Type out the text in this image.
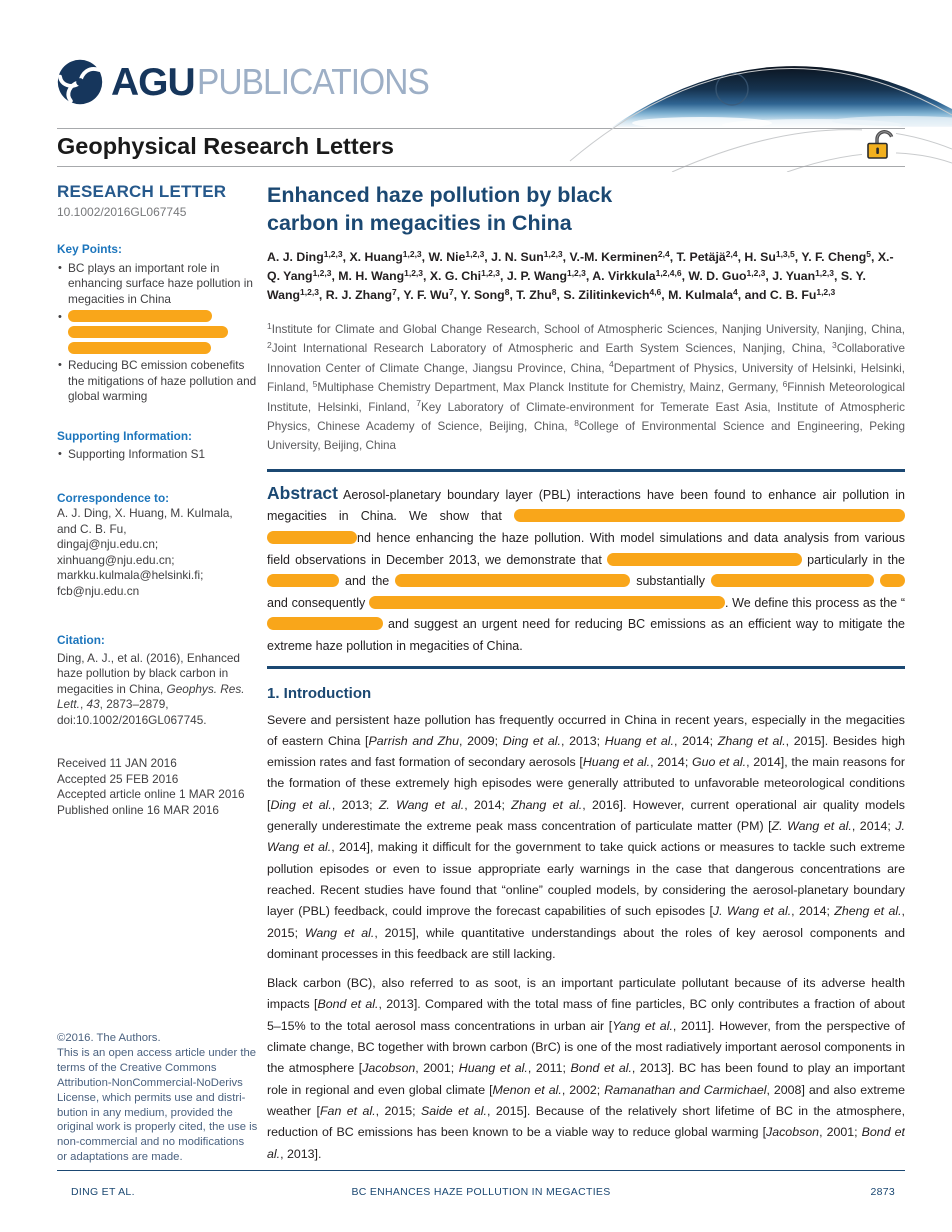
AGU PUBLICATIONS
Geophysical Research Letters
RESEARCH LETTER
10.1002/2016GL067745
Key Points:
• BC plays an important role in enhancing surface haze pollution in megacities in China
•
• Reducing BC emission cobenefits the mitigations of haze pollution and global warming
Supporting Information:
• Supporting Information S1
Correspondence to:
A. J. Ding, X. Huang, M. Kulmala,
and C. B. Fu,
dingaj@nju.edu.cn;
xinhuang@nju.edu.cn;
markku.kulmala@helsinki.fi;
fcb@nju.edu.cn
Citation:
Ding, A. J., et al. (2016), Enhanced haze pollution by black carbon in megacities in China, Geophys. Res. Lett., 43, 2873–2879, doi:10.1002/2016GL067745.
Received 11 JAN 2016
Accepted 25 FEB 2016
Accepted article online 1 MAR 2016
Published online 16 MAR 2016
©2016. The Authors.
This is an open access article under the
terms of the Creative Commons
Attribution-NonCommercial-NoDerivs
License, which permits use and distri-
bution in any medium, provided the
original work is properly cited, the use is
non-commercial and no modifications
or adaptations are made.
Enhanced haze pollution by black
carbon in megacities in China
A. J. Ding$^{1,2,3}$, X. Huang$^{1,2,3}$, W. Nie$^{1,2,3}$, J. N. Sun$^{1,2,3}$, V.-M. Kerminen$^{2,4}$, T. Petäjä$^{2,4}$, H. Su$^{1,3,5}$, Y. F. Cheng$^5$, X.-Q. Yang$^{1,2,3}$, M. H. Wang$^{1,2,3}$, X. G. Chi$^{1,2,3}$, J. P. Wang$^{1,2,3}$, A. Virkkula$^{1,2,4,6}$, W. D. Guo$^{1,2,3}$, J. Yuan$^{1,2,3}$, S. Y. Wang$^{1,2,3}$, R. J. Zhang$^7$, Y. F. Wu$^7$, Y. Song$^8$, T. Zhu$^8$, S. Zilitinkevich$^{4,6}$, M. Kulmala$^4$, and C. B. Fu$^{1,2,3}$
$^1$Institute for Climate and Global Change Research, School of Atmospheric Sciences, Nanjing University, Nanjing, China, $^2$Joint International Research Laboratory of Atmospheric and Earth System Sciences, Nanjing, China, $^3$Collaborative Innovation Center of Climate Change, Jiangsu Province, China, $^4$Department of Physics, University of Helsinki, Helsinki, Finland, $^5$Multiphase Chemistry Department, Max Planck Institute for Chemistry, Mainz, Germany, $^6$Finnish Meteorological Institute, Helsinki, Finland, $^7$Key Laboratory of Climate-environment for Temerate East Asia, Institute of Atmospheric Physics, Chinese Academy of Science, Beijing, China, $^8$College of Environmental Science and Engineering, Peking University, Beijing, China
Abstract Aerosol-planetary boundary layer (PBL) interactions have been found to enhance air pollution in megacities in China. We show that  nd hence enhancing the haze pollution. With model simulations and data analysis from various field observations in December 2013, we demonstrate that	particularly in the  and the	substantially   and consequently	. We define this process as the “ and suggest an urgent need for reducing BC emissions as an efficient way to mitigate the extreme haze pollution in megacities of China.
1. Introduction
Severe and persistent haze pollution has frequently occurred in China in recent years, especially in the megacities of eastern China [Parrish and Zhu, 2009; Ding et al., 2013; Huang et al., 2014; Zhang et al., 2015]. Besides high emission rates and fast formation of secondary aerosols [Huang et al., 2014; Guo et al., 2014], the main reasons for the formation of these extremely high episodes were generally attributed to unfavorable meteorological conditions [Ding et al., 2013; Z. Wang et al., 2014; Zhang et al., 2016]. However, current operational air quality models generally underestimate the extreme peak mass concentration of particulate matter (PM) [Z. Wang et al., 2014; J. Wang et al., 2014], making it difficult for the government to take quick actions or measures to tackle such extreme pollution episodes or even to issue appropriate early warnings in the case that dangerous concentrations are reached. Recent studies have found that “online” coupled models, by considering the aerosol-planetary boundary layer (PBL) feedback, could improve the forecast capabilities of such episodes [J. Wang et al., 2014; Zheng et al., 2015; Wang et al., 2015], while quantitative understandings about the roles of key aerosol components and dominant processes in this feedback are still lacking.
Black carbon (BC), also referred to as soot, is an important particulate pollutant because of its adverse health impacts [Bond et al., 2013]. Compared with the total mass of fine particles, BC only contributes a fraction of about 5–15% to the total aerosol mass concentrations in urban air [Yang et al., 2011]. However, from the perspective of climate change, BC together with brown carbon (BrC) is one of the most radiatively important aerosol components in the atmosphere [Jacobson, 2001; Huang et al., 2011; Bond et al., 2013]. BC has been found to play an important role in regional and even global climate [Menon et al., 2002; Ramanathan and Carmichael, 2008] and also extreme weather [Fan et al., 2015; Saide et al., 2015]. Because of the relatively short lifetime of BC in the atmosphere, reduction of BC emissions has been known to be a viable way to reduce global warming [Jacobson, 2001; Bond et al., 2013].
DING ET AL.	BC ENHANCES HAZE POLLUTION IN MEGACTIES	2873
